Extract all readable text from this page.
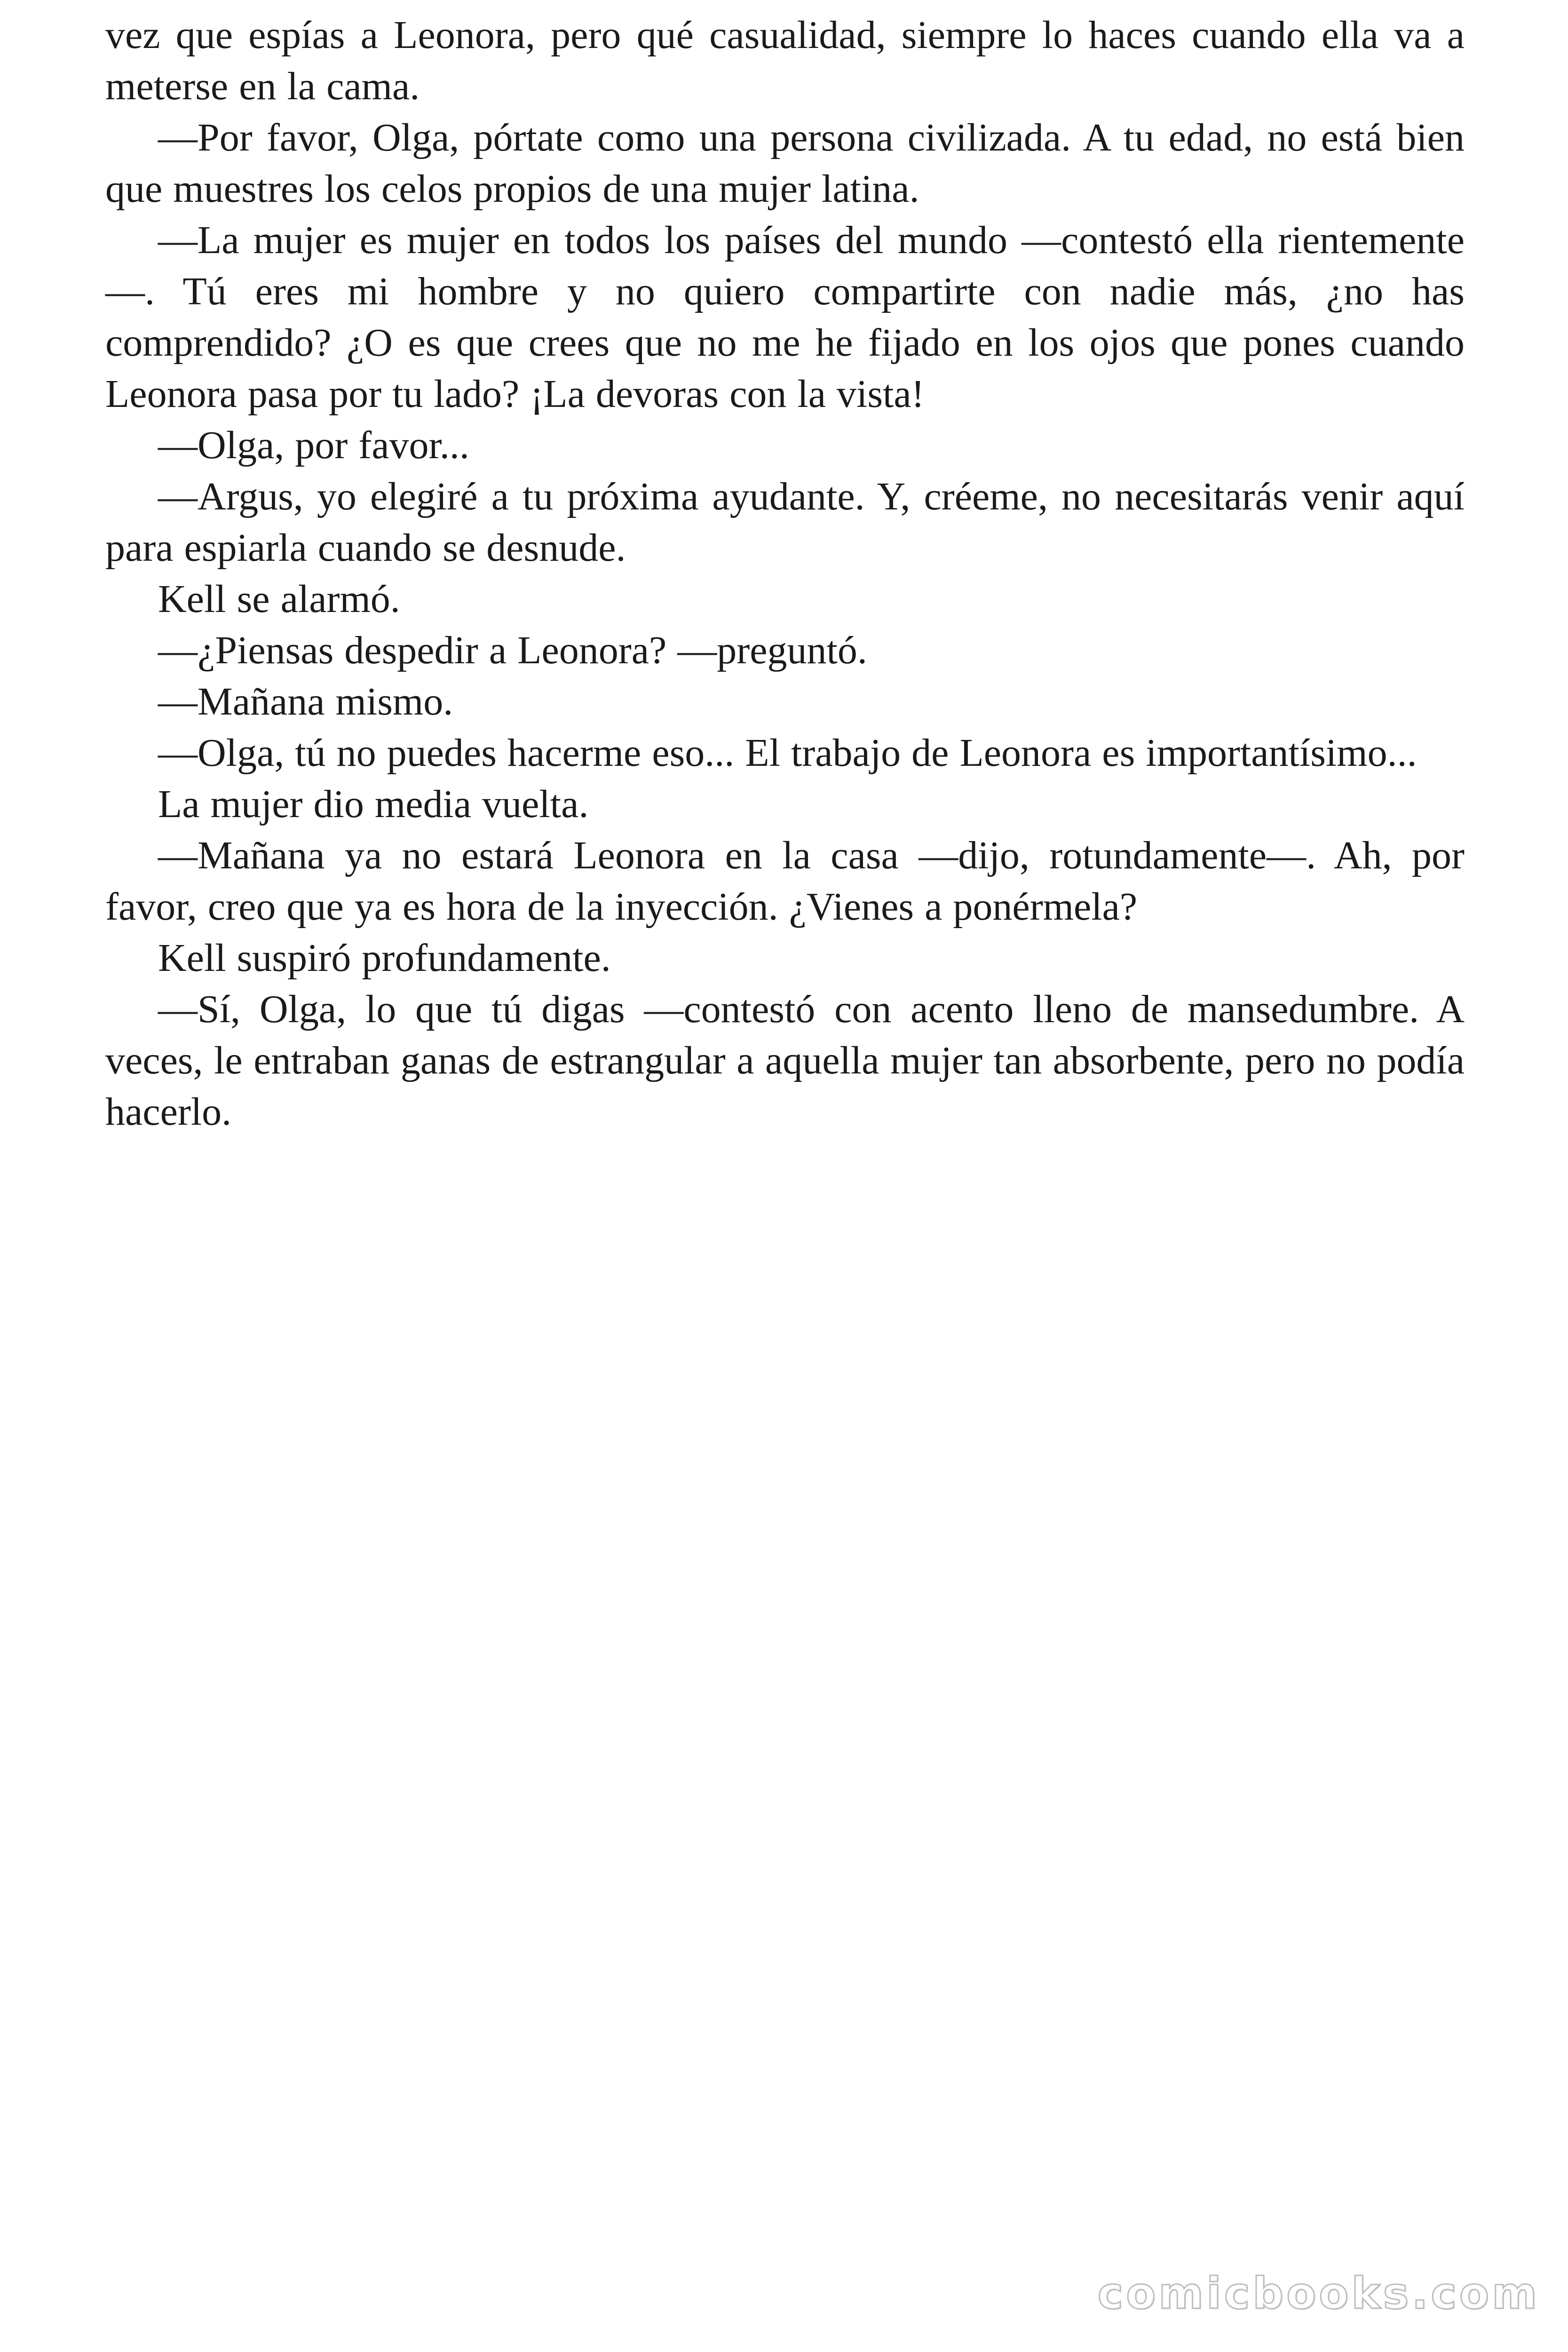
vez que espías a Leonora, pero qué casualidad, siempre lo haces cuando ella va a meterse en la cama.

—Por favor, Olga, pórtate como una persona civilizada. A tu edad, no está bien que muestres los celos propios de una mujer latina.

—La mujer es mujer en todos los países del mundo —contestó ella rientemente—. Tú eres mi hombre y no quiero compartirte con nadie más, ¿no has comprendido? ¿O es que crees que no me he fijado en los ojos que pones cuando Leonora pasa por tu lado? ¡La devoras con la vista!

—Olga, por favor...

—Argus, yo elegiré a tu próxima ayudante. Y, créeme, no necesitarás venir aquí para espiarla cuando se desnude.

Kell se alarmó.

—¿Piensas despedir a Leonora? —preguntó.

—Mañana mismo.

—Olga, tú no puedes hacerme eso... El trabajo de Leonora es importantísimo...

La mujer dio media vuelta.

—Mañana ya no estará Leonora en la casa —dijo, rotundamente—. Ah, por favor, creo que ya es hora de la inyección. ¿Vienes a ponérmela?

Kell suspiró profundamente.

—Sí, Olga, lo que tú digas —contestó con acento lleno de mansedumbre. A veces, le entraban ganas de estrangular a aquella mujer tan absorbente, pero no podía hacerlo.

comicbooks.com
